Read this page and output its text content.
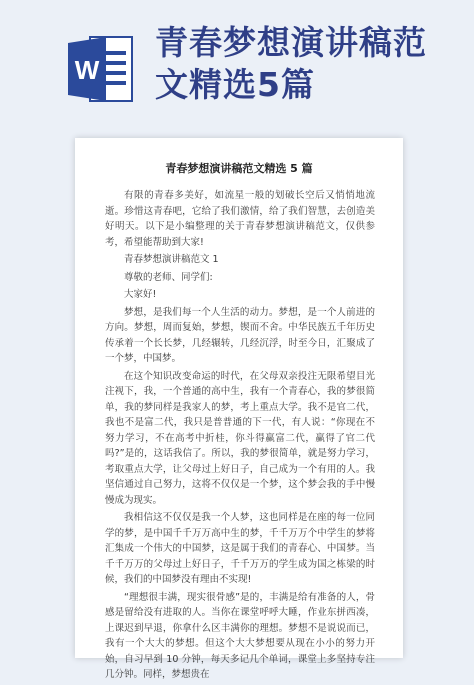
W
青春梦想演讲稿范
文精选5篇
青春梦想演讲稿范文精选 5 篇

有限的青春多美好，如流星一般的划破长空后又悄悄地流逝。珍惜这青春吧，它给了我们激情，给了我们智慧，去创造美好明天。以下是小编整理的关于青春梦想演讲稿范文，仅供参考，希望能帮助到大家!

青春梦想演讲稿范文 1

尊敬的老师、同学们:

大家好!

梦想，是我们每一个人生活的动力。梦想，是一个人前进的方向。梦想，周而复始，梦想，锲而不舍。中华民族五千年历史传承着一个长长梦，几经辗转，几经沉浮，时至今日，汇聚成了一个梦，中国梦。

在这个知识改变命运的时代，在父母双亲投注无限希望目光注视下，我，一个普通的高中生，我有一个青春心，我的梦很简单，我的梦同样是我家人的梦，考上重点大学。我不是官二代，我也不是富二代，我只是普普通的下一代，有人说：“你现在不努力学习，不在高考中折桂，你斗得赢富二代，赢得了官二代吗?”是的，这话我信了。所以，我的梦很简单，就是努力学习，考取重点大学，让父母过上好日子，自己成为一个有用的人。我坚信通过自己努力，这将不仅仅是一个梦，这个梦会我的手中慢慢成为现实。

我相信这不仅仅是我一个人梦，这也同样是在座的每一位同学的梦，是中国千千万万高中生的梦，千千万万个中学生的梦将汇集成一个伟大的中国梦，这是属于我们的青春心、中国梦。当千千万万的父母过上好日子，千千万万的学生成为国之栋梁的时候，我们的中国梦没有理由不实现!

“理想很丰满，现实很骨感”是的，丰满是给有准备的人，骨感是留给没有进取的人。当你在课堂呼呼大睡，作业东拼西凑，上课迟到早退，你拿什么区丰满你的理想。梦想不是说说而已，我有一个大大的梦想。但这个大大梦想要从现在小小的努力开始，自习早到 10 分钟，每天多记几个单词，课堂上多坚持专注几分钟。同样，梦想贵在
